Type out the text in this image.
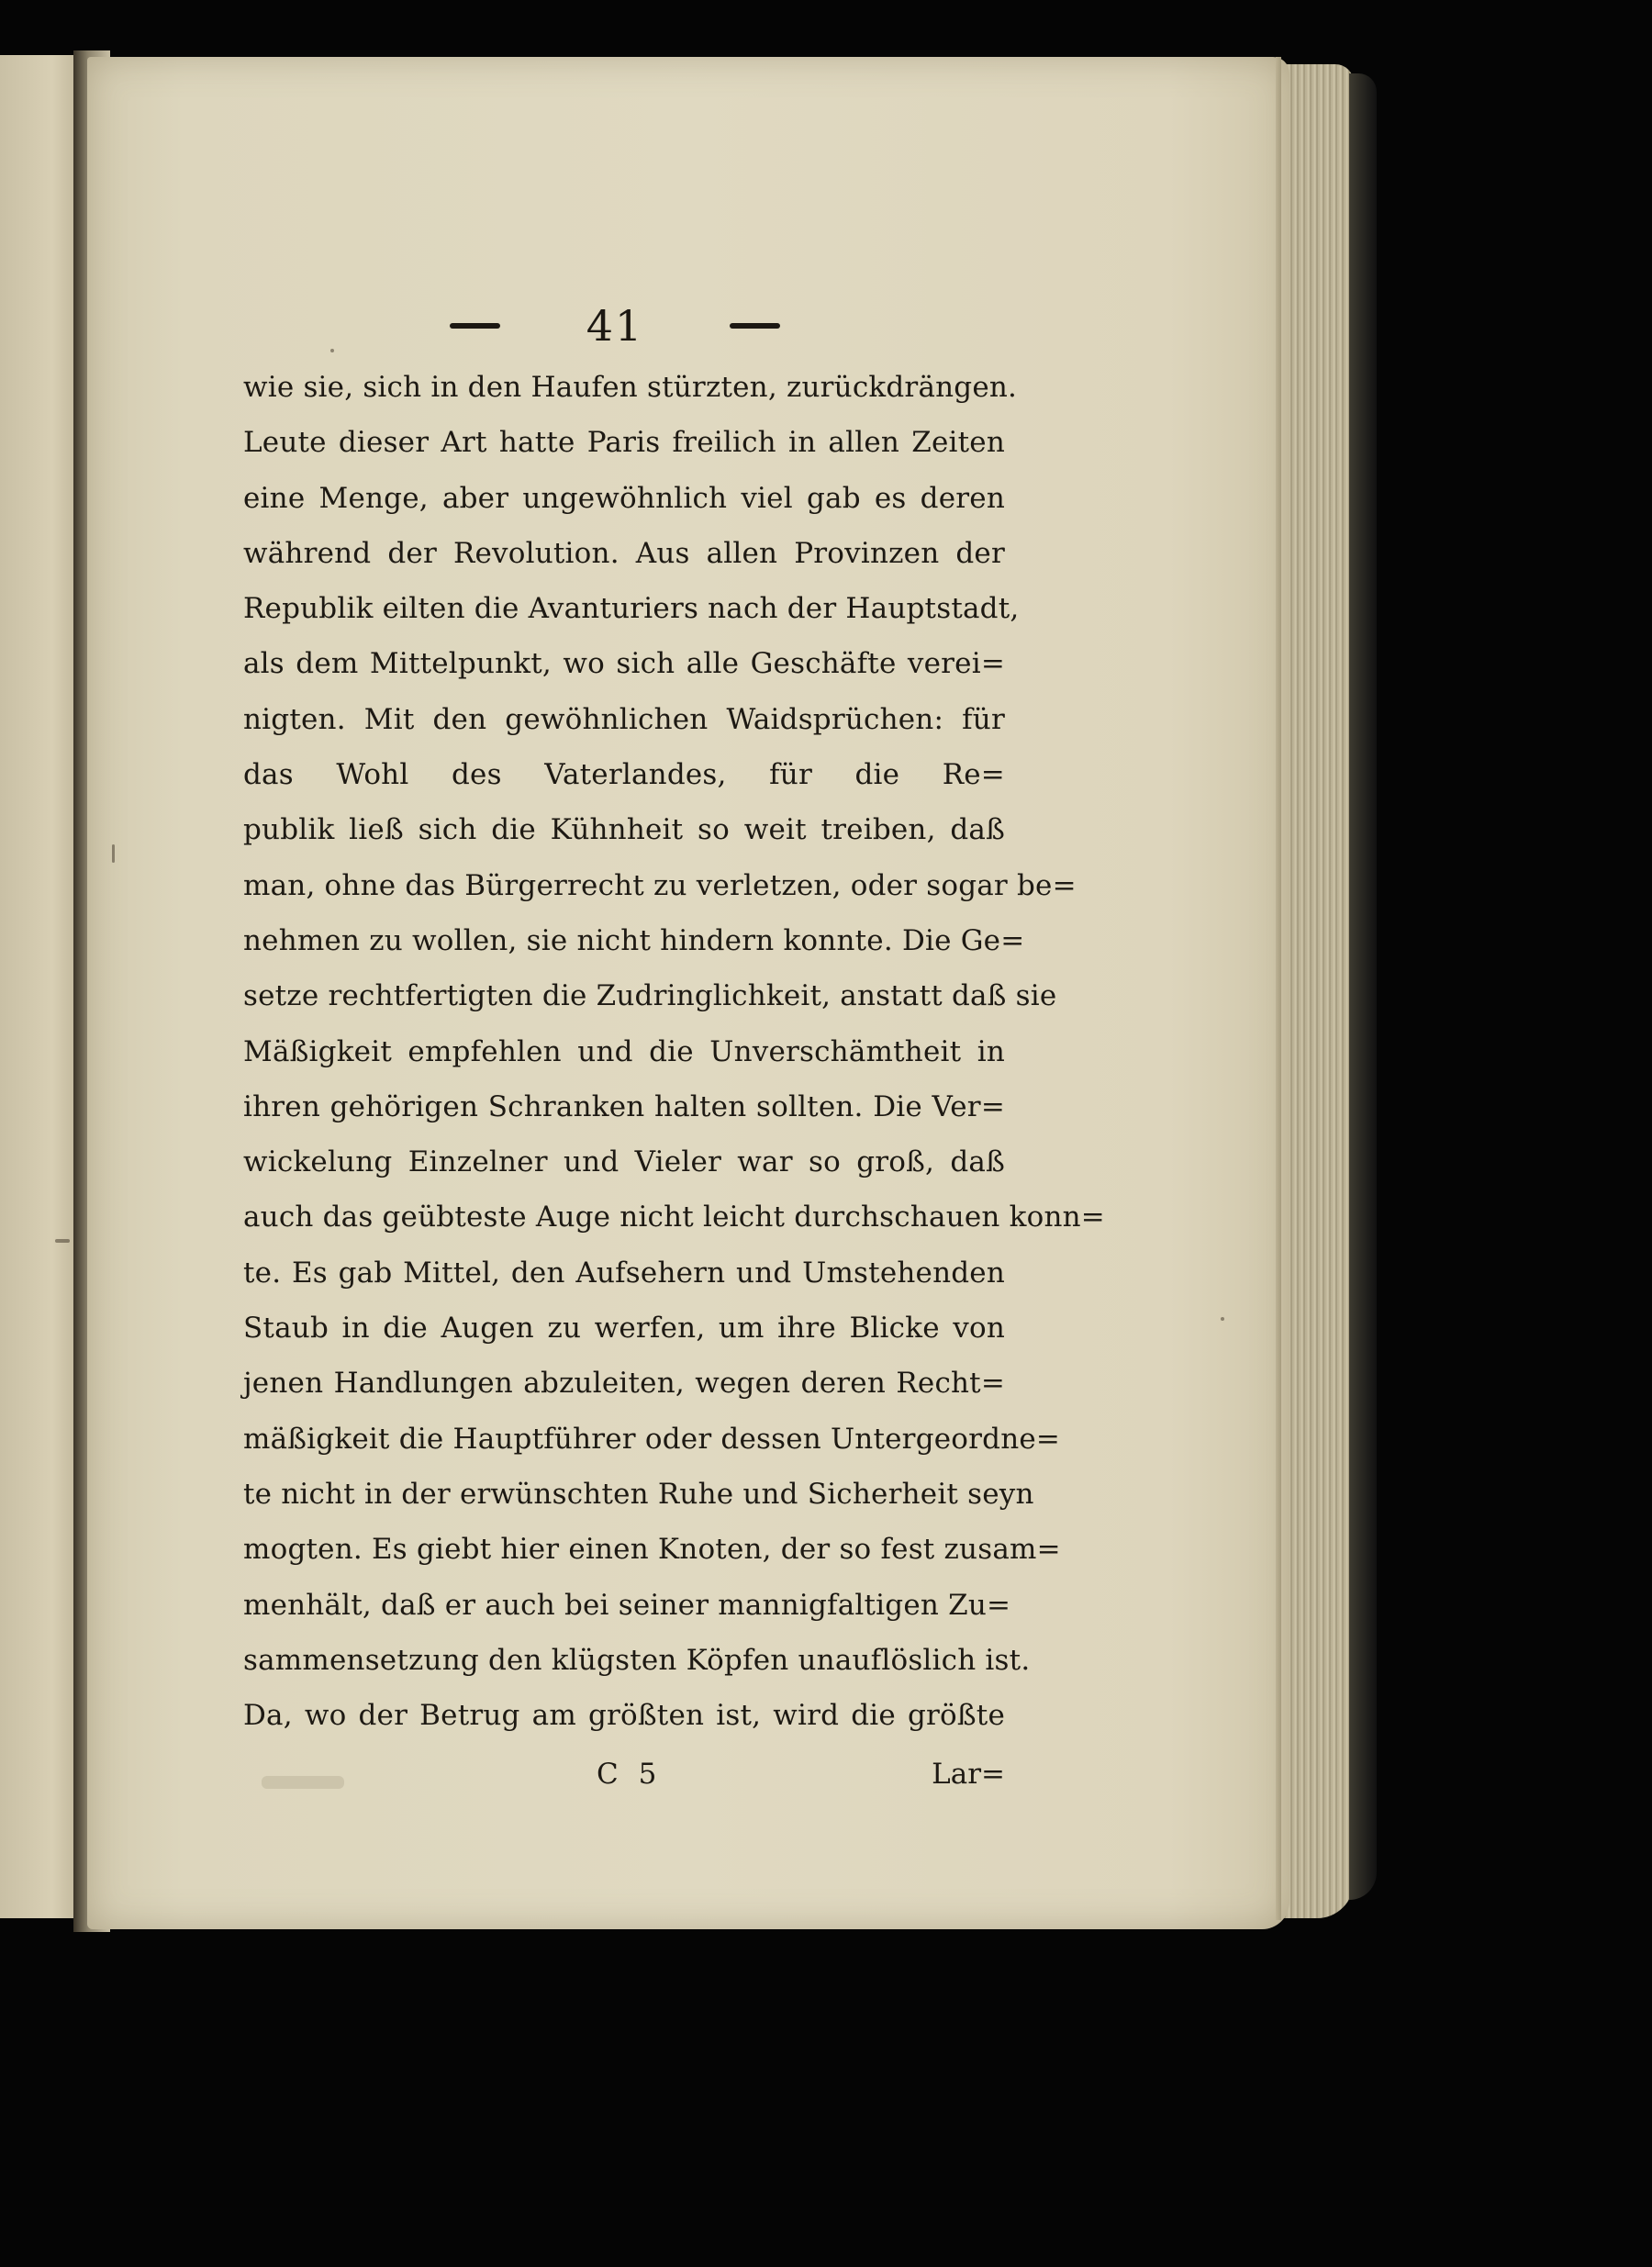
41
wie sie, sich in den Haufen stürzten, zurückdrängen.
Leute dieser Art hatte Paris freilich in allen Zeiten
eine Menge, aber ungewöhnlich viel gab es deren
während der Revolution. Aus allen Provinzen der
Republik eilten die Avanturiers nach der Hauptstadt,
als dem Mittelpunkt, wo sich alle Geschäfte verei=
nigten. Mit den gewöhnlichen Waidsprüchen: für
das Wohl des Vaterlandes, für die Re=
publik ließ sich die Kühnheit so weit treiben, daß
man, ohne das Bürgerrecht zu verletzen, oder sogar be=
nehmen zu wollen, sie nicht hindern konnte. Die Ge=
setze rechtfertigten die Zudringlichkeit, anstatt daß sie
Mäßigkeit empfehlen und die Unverschämtheit in
ihren gehörigen Schranken halten sollten. Die Ver=
wickelung Einzelner und Vieler war so groß, daß
auch das geübteste Auge nicht leicht durchschauen konn=
te. Es gab Mittel, den Aufsehern und Umstehenden
Staub in die Augen zu werfen, um ihre Blicke von
jenen Handlungen abzuleiten, wegen deren Recht=
mäßigkeit die Hauptführer oder dessen Untergeordne=
te nicht in der erwünschten Ruhe und Sicherheit seyn
mogten. Es giebt hier einen Knoten, der so fest zusam=
menhält, daß er auch bei seiner mannigfaltigen Zu=
sammensetzung den klügsten Köpfen unauflöslich ist.
Da, wo der Betrug am größten ist, wird die größte
C 5	Lar=
